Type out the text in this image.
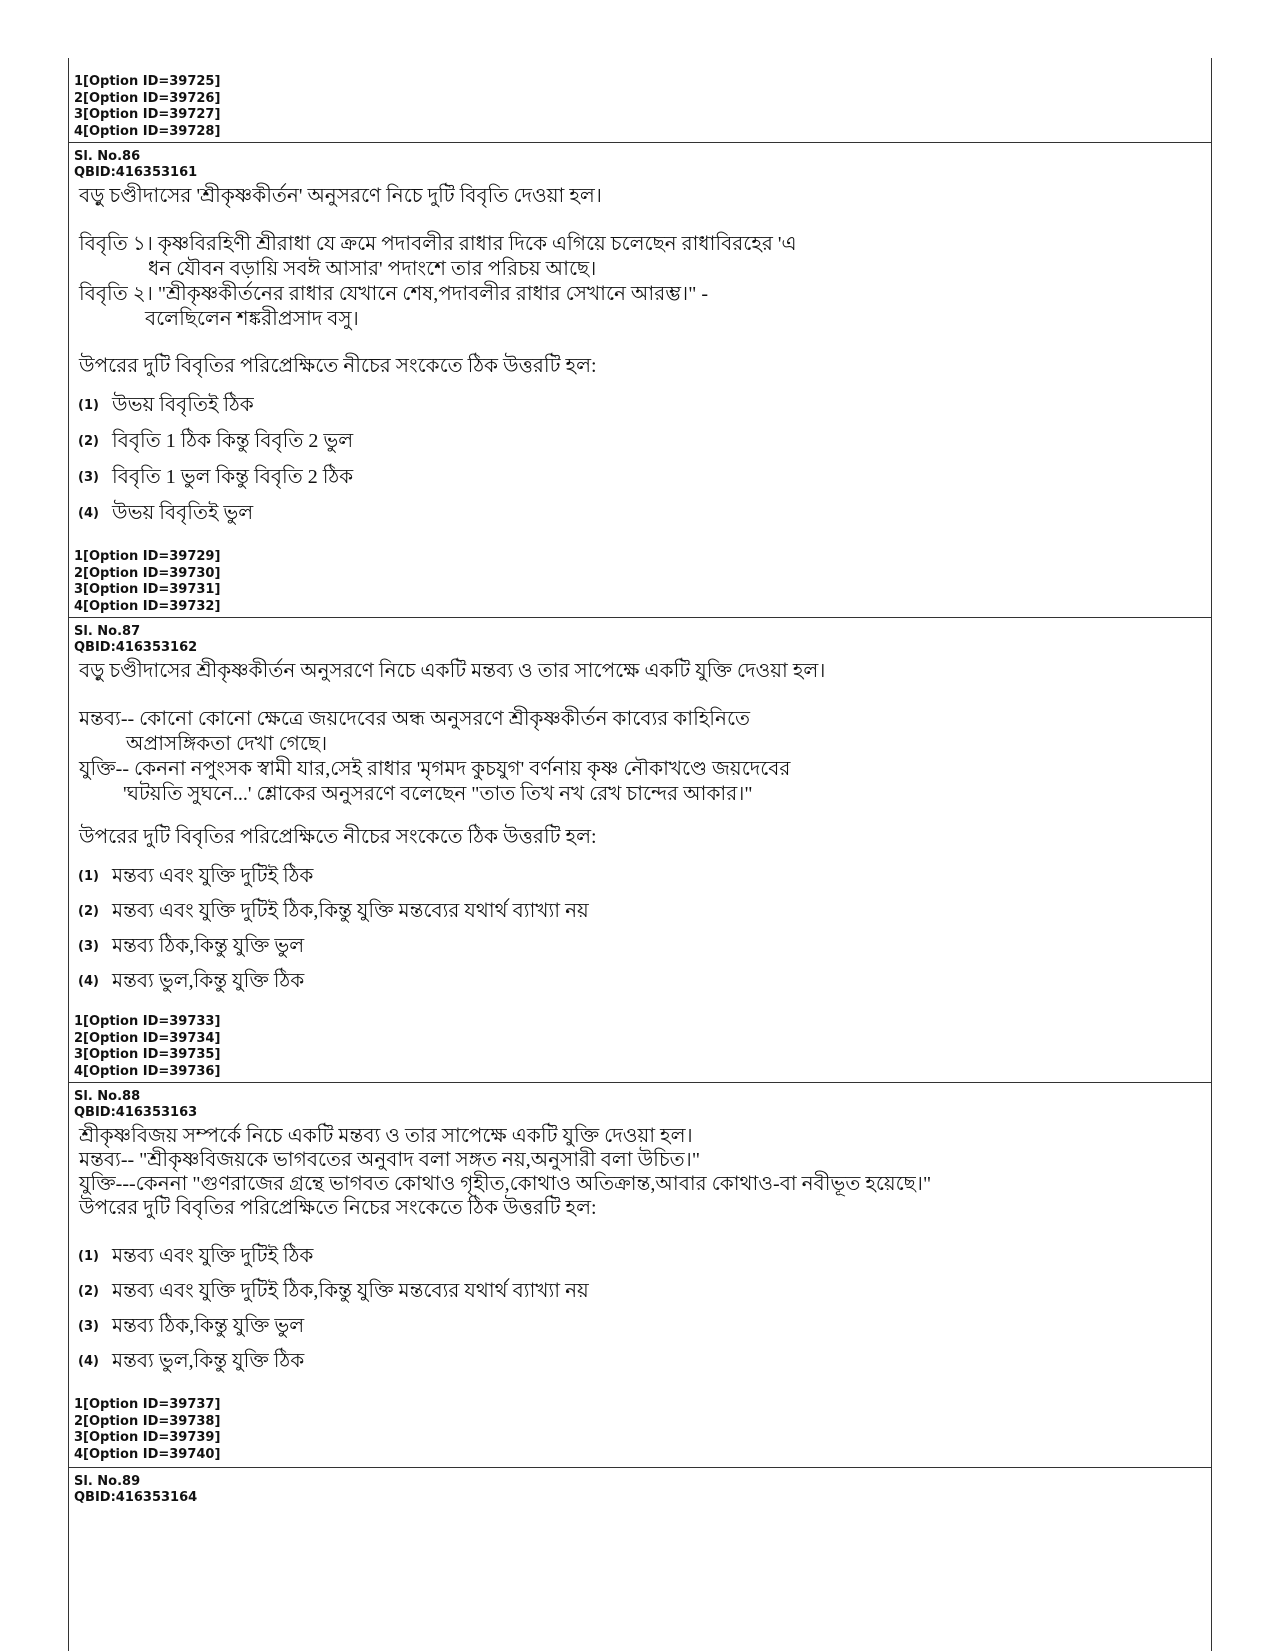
1[Option ID=39725]
2[Option ID=39726]
3[Option ID=39727]
4[Option ID=39728]
Sl. No.86
QBID:416353161
বড়ু চণ্ডীদাসের 'শ্রীকৃষ্ণকীর্তন' অনুসরণে নিচে দুটি বিবৃতি দেওয়া হল।
বিবৃতি ১। কৃষ্ণবিরহিণী শ্রীরাধা যে ক্রমে পদাবলীর রাধার দিকে এগিয়ে চলেছেন রাধাবিরহের 'এ
ধন যৌবন বড়ায়ি সবঈ আসার' পদাংশে তার পরিচয় আছে।
বিবৃতি ২। "শ্রীকৃষ্ণকীর্তনের রাধার যেখানে শেষ,পদাবলীর রাধার সেখানে আরম্ভ।" -
বলেছিলেন শঙ্করীপ্রসাদ বসু।
উপরের দুটি বিবৃতির পরিপ্রেক্ষিতে নীচের সংকেতে ঠিক উত্তরটি হল:
(1) উভয় বিবৃতিই ঠিক
(2) বিবৃতি 1 ঠিক কিন্তু বিবৃতি 2 ভুল
(3) বিবৃতি 1 ভুল কিন্তু বিবৃতি 2 ঠিক
(4) উভয় বিবৃতিই ভুল
1[Option ID=39729]
2[Option ID=39730]
3[Option ID=39731]
4[Option ID=39732]
Sl. No.87
QBID:416353162
বড়ু চণ্ডীদাসের শ্রীকৃষ্ণকীর্তন অনুসরণে নিচে একটি মন্তব্য ও তার সাপেক্ষে একটি যুক্তি দেওয়া হল।
মন্তব্য-- কোনো কোনো ক্ষেত্রে জয়দেবের অন্ধ অনুসরণে শ্রীকৃষ্ণকীর্তন কাব্যের কাহিনিতে
অপ্রাসঙ্গিকতা দেখা গেছে।
যুক্তি-- কেননা নপুংসক স্বামী যার,সেই রাধার 'মৃগমদ কুচযুগ' বর্ণনায় কৃষ্ণ নৌকাখণ্ডে জয়দেবের
'ঘটয়তি সুঘনে...' শ্লোকের অনুসরণে বলেছেন "তাত তিখ নখ রেখ চান্দের আকার।"
উপরের দুটি বিবৃতির পরিপ্রেক্ষিতে নীচের সংকেতে ঠিক উত্তরটি হল:
(1) মন্তব্য এবং যুক্তি দুটিই ঠিক
(2) মন্তব্য এবং যুক্তি দুটিই ঠিক,কিন্তু যুক্তি মন্তব্যের যথার্থ ব্যাখ্যা নয়
(3) মন্তব্য ঠিক,কিন্তু যুক্তি ভুল
(4) মন্তব্য ভুল,কিন্তু যুক্তি ঠিক
1[Option ID=39733]
2[Option ID=39734]
3[Option ID=39735]
4[Option ID=39736]
Sl. No.88
QBID:416353163
শ্রীকৃষ্ণবিজয় সম্পর্কে নিচে একটি মন্তব্য ও তার সাপেক্ষে একটি যুক্তি দেওয়া হল।
মন্তব্য-- "শ্রীকৃষ্ণবিজয়কে ভাগবতের অনুবাদ বলা সঙ্গত নয়,অনুসারী বলা উচিত।"
যুক্তি---কেননা "গুণরাজের গ্রন্থে ভাগবত কোথাও গৃহীত,কোথাও অতিক্রান্ত,আবার কোথাও-বা নবীভূত হয়েছে।"
উপরের দুটি বিবৃতির পরিপ্রেক্ষিতে নিচের সংকেতে ঠিক উত্তরটি হল:
(1) মন্তব্য এবং যুক্তি দুটিই ঠিক
(2) মন্তব্য এবং যুক্তি দুটিই ঠিক,কিন্তু যুক্তি মন্তব্যের যথার্থ ব্যাখ্যা নয়
(3) মন্তব্য ঠিক,কিন্তু যুক্তি ভুল
(4) মন্তব্য ভুল,কিন্তু যুক্তি ঠিক
1[Option ID=39737]
2[Option ID=39738]
3[Option ID=39739]
4[Option ID=39740]
Sl. No.89
QBID:416353164
